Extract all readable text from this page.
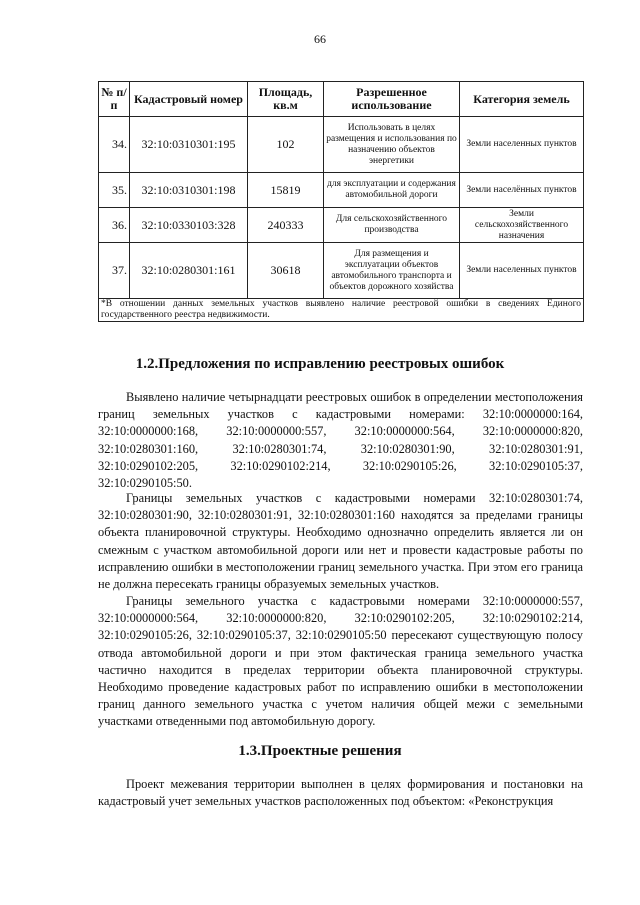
66
№ п/п	Кадастровый номер	Площадь, кв.м	Разрешенное использование	Категория земель
34.	32:10:0310301:195	102	Использовать в целях размещения и использования по назначению объектов энергетики	Земли населенных пунктов
35.	32:10:0310301:198	15819	для эксплуатации и содержания автомобильной дороги	Земли населённых пунктов
36.	32:10:0330103:328	240333	Для сельскохозяйственного производства	Земли сельскохозяйственного назначения
37.	32:10:0280301:161	30618	Для размещения и эксплуатации объектов автомобильного транспорта и объектов дорожного хозяйства	Земли населенных пунктов
*В отношении данных земельных участков выявлено наличие реестровой ошибки в сведениях Единого государственного реестра недвижимости.				
1.2.Предложения по исправлению реестровых ошибок

Выявлено наличие четырнадцати реестровых ошибок в определении местоположения границ земельных участков с кадастровыми номерами: 32:10:0000000:164, 32:10:0000000:168, 32:10:0000000:557, 32:10:0000000:564, 32:10:0000000:820, 32:10:0280301:160, 32:10:0280301:74, 32:10:0280301:90, 32:10:0280301:91, 32:10:0290102:205, 32:10:0290102:214, 32:10:0290105:26, 32:10:0290105:37, 32:10:0290105:50.

Границы земельных участков с кадастровыми номерами 32:10:0280301:74, 32:10:0280301:90, 32:10:0280301:91, 32:10:0280301:160 находятся за пределами границы объекта планировочной структуры. Необходимо однозначно определить является ли он смежным с участком автомобильной дороги или нет и провести кадастровые работы по исправлению ошибки в местоположении границ земельного участка. При этом его граница не должна пересекать границы образуемых земельных участков.

Границы земельного участка с кадастровыми номерами 32:10:0000000:557, 32:10:0000000:564, 32:10:0000000:820, 32:10:0290102:205, 32:10:0290102:214, 32:10:0290105:26, 32:10:0290105:37, 32:10:0290105:50 пересекают существующую полосу отвода автомобильной дороги и при этом фактическая граница земельного участка частично находится в пределах территории объекта планировочной структуры. Необходимо проведение кадастровых работ по исправлению ошибки в местоположении границ данного земельного участка с учетом наличия общей межи с земельными участками отведенными под автомобильную дорогу.

1.3.Проектные решения

Проект межевания территории выполнен в целях формирования и постановки на кадастровый учет земельных участков расположенных под объектом: «Реконструкция
